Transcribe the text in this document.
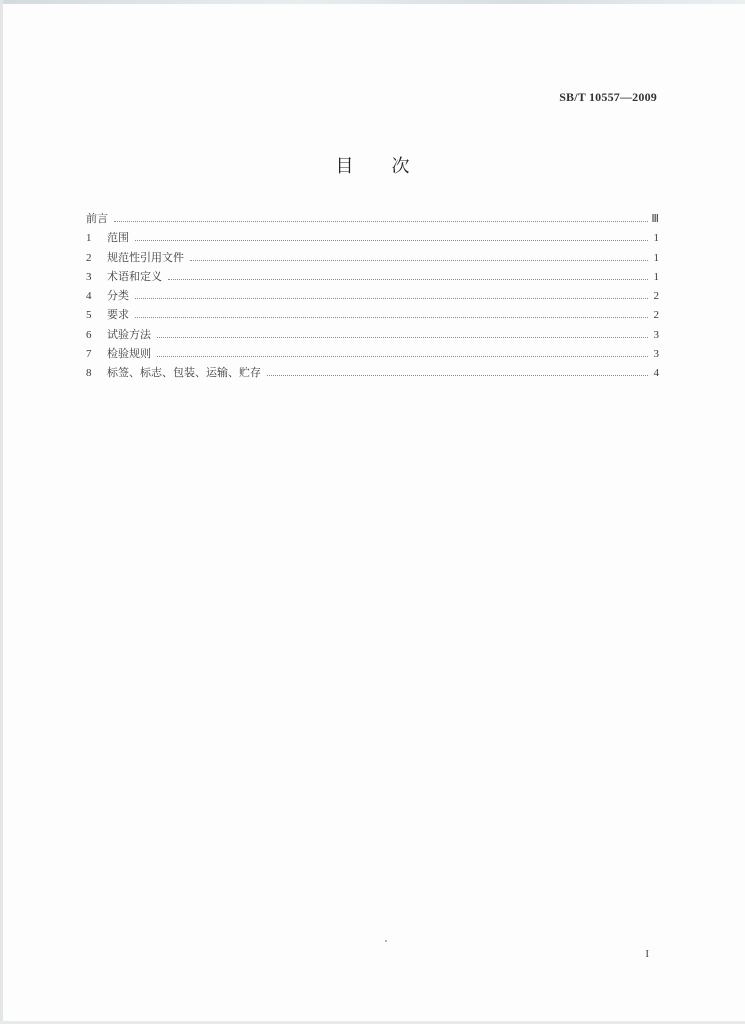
SB/T 10557—2009
目次
前言	Ⅲ
1	范围	1
2	规范性引用文件	1
3	术语和定义	1
4	分类	2
5	要求	2
6	试验方法	3
7	检验规则	3
8	标签、标志、包装、运输、贮存	4
I
